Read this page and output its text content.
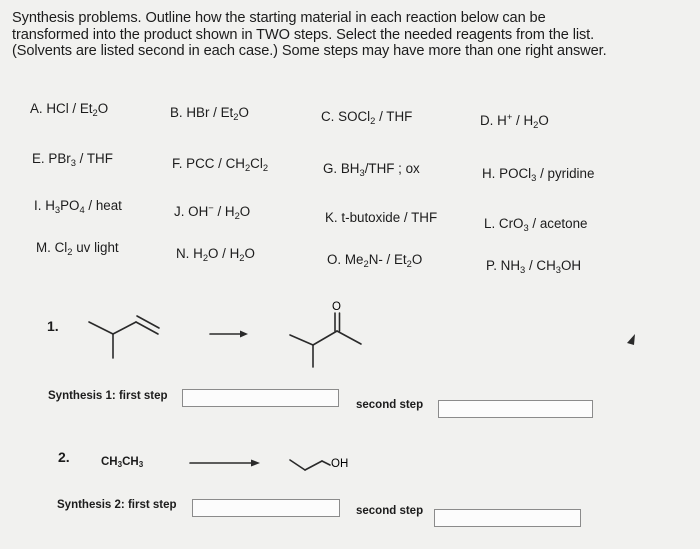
Synthesis problems. Outline how the starting material in each reaction below can be
transformed into the product shown in TWO steps. Select the needed reagents from the list.
(Solvents are listed second in each case.) Some steps may have more than one right answer.
A. HCl / $Et_2O$	B. HBr / $Et_2O$	C. SOCl$_2$ / THF	D. $H^+ / H_2O$
E. PBr$_3$ / THF	F. PCC / $CH_2Cl_2$	G. $BH_3$/THF ; ox	H. POCl$_3$ / pyridine
I. $H_3PO_4$ / heat	J. $OH^- / H_2O$	K. t-butoxide / THF	L. CrO$_3$ / acetone
M. $Cl_2$ uv light	N. $H_2O / H_2O$	O. $Me_2N- / Et_2O$	P. $NH_3 / CH_3OH$
1.
O
Synthesis 1: first step
second step
2.	$CH_3CH_3$	OH
Synthesis 2: first step	second step
